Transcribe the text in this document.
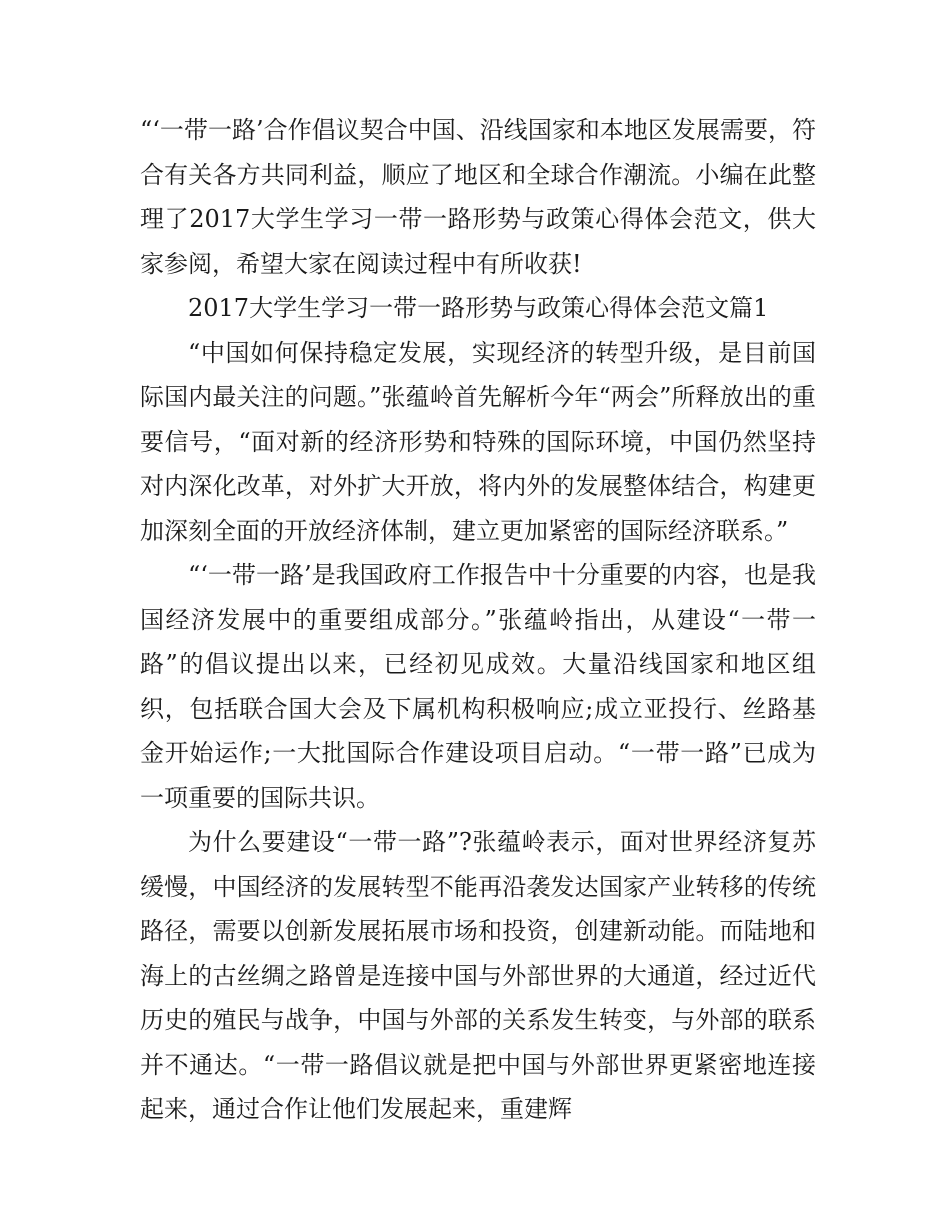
“‘一带一路’合作倡议契合中国、沿线国家和本地区发展需要，符合有关各方共同利益，顺应了地区和全球合作潮流。小编在此整理了2017大学生学习一带一路形势与政策心得体会范文，供大家参阅，希望大家在阅读过程中有所收获!

2017大学生学习一带一路形势与政策心得体会范文篇1

“中国如何保持稳定发展，实现经济的转型升级，是目前国际国内最关注的问题。”张蕴岭首先解析今年“两会”所释放出的重要信号，“面对新的经济形势和特殊的国际环境，中国仍然坚持对内深化改革，对外扩大开放，将内外的发展整体结合，构建更加深刻全面的开放经济体制，建立更加紧密的国际经济联系。”

“‘一带一路’是我国政府工作报告中十分重要的内容，也是我国经济发展中的重要组成部分。”张蕴岭指出，从建设“一带一路”的倡议提出以来，已经初见成效。大量沿线国家和地区组织，包括联合国大会及下属机构积极响应;成立亚投行、丝路基金开始运作;一大批国际合作建设项目启动。“一带一路”已成为一项重要的国际共识。

为什么要建设“一带一路”?张蕴岭表示，面对世界经济复苏缓慢，中国经济的发展转型不能再沿袭发达国家产业转移的传统路径，需要以创新发展拓展市场和投资，创建新动能。而陆地和海上的古丝绸之路曾是连接中国与外部世界的大通道，经过近代历史的殖民与战争，中国与外部的关系发生转变，与外部的联系并不通达。“一带一路倡议就是把中国与外部世界更紧密地连接起来，通过合作让他们发展起来，重建辉
